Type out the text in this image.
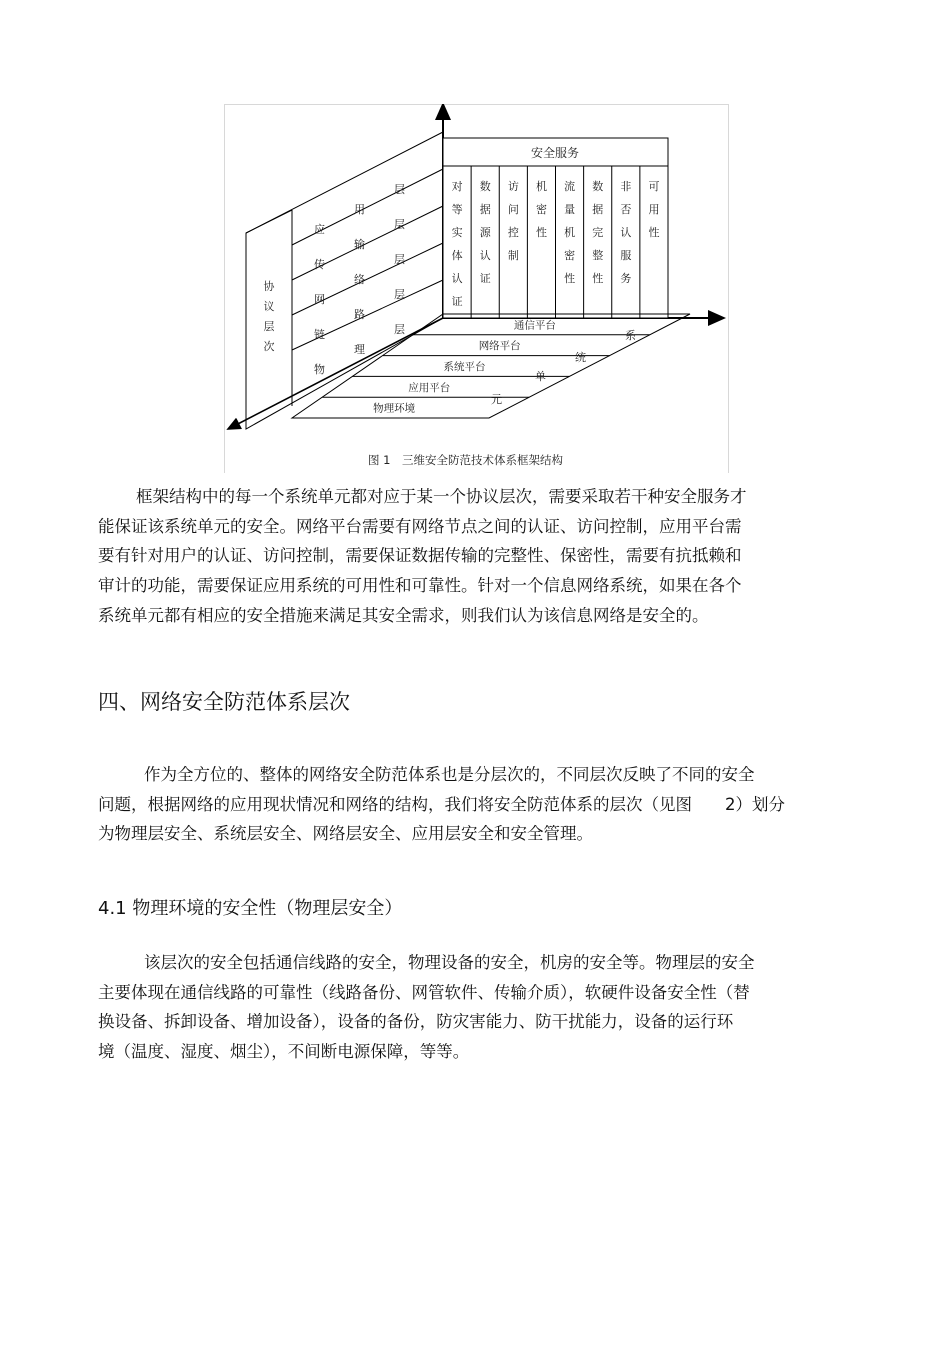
安全服务
对
等
实
体
认
证
数
据
源
认
证
访
问
控
制
机
密
性
流
量
机
密
性
数
据
完
整
性
非
否
认
服
务
可
用
性
应
用
层
传
输
层
网
络
层
链
路
层
物
理
层
协
议
层
次
通信平台
网络平台
系统平台
应用平台
物理环境
系
统
单
元
图 1　三维安全防范技术体系框架结构

框架结构中的每一个系统单元都对应于某一个协议层次，需要采取若干种安全服务才
能保证该系统单元的安全。网络平台需要有网络节点之间的认证、访问控制，应用平台需
要有针对用户的认证、访问控制，需要保证数据传输的完整性、保密性，需要有抗抵赖和
审计的功能，需要保证应用系统的可用性和可靠性。针对一个信息网络系统，如果在各个
系统单元都有相应的安全措施来满足其安全需求，则我们认为该信息网络是安全的。

四、网络安全防范体系层次

作为全方位的、整体的网络安全防范体系也是分层次的，不同层次反映了不同的安全
问题，根据网络的应用现状情况和网络的结构，我们将安全防范体系的层次（见图　　2）划分
为物理层安全、系统层安全、网络层安全、应用层安全和安全管理。

4.1 物理环境的安全性（物理层安全）

该层次的安全包括通信线路的安全，物理设备的安全，机房的安全等。物理层的安全
主要体现在通信线路的可靠性（线路备份、网管软件、传输介质），软硬件设备安全性（替
换设备、拆卸设备、增加设备），设备的备份，防灾害能力、防干扰能力，设备的运行环
境（温度、湿度、烟尘），不间断电源保障，等等。
